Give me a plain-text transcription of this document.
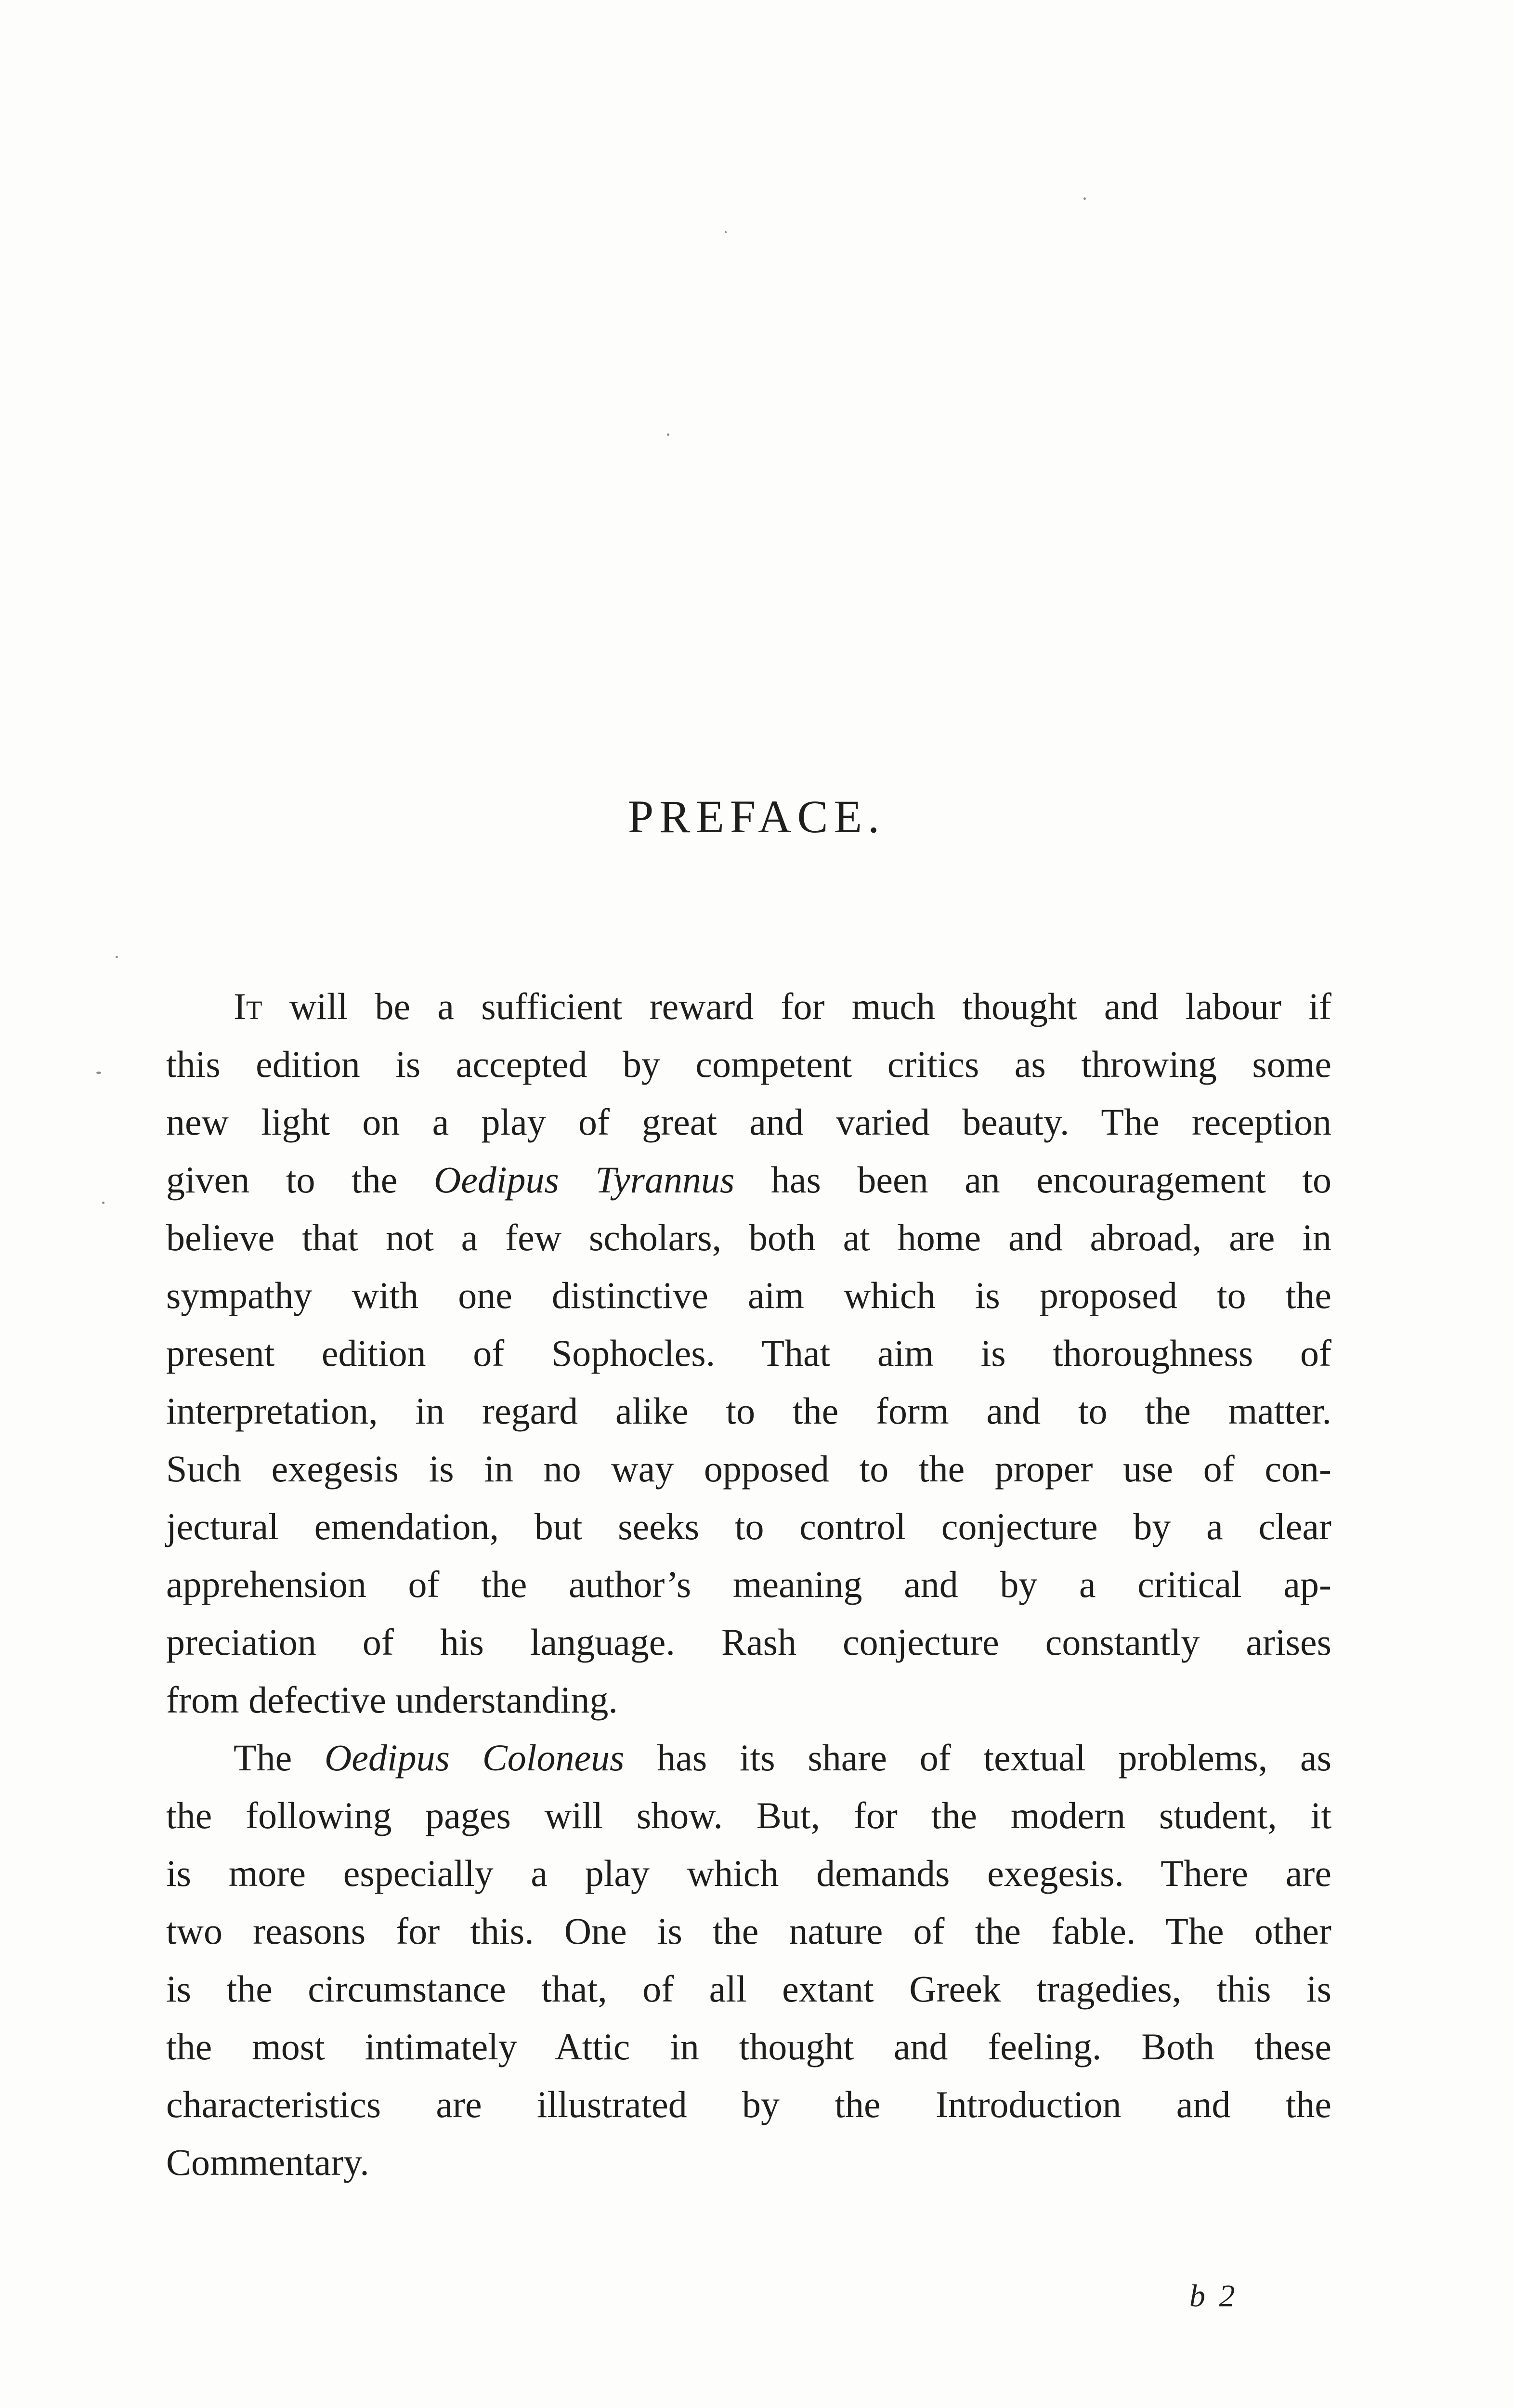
PREFACE.
It will be a sufficient reward for much thought and labour if
this edition is accepted by competent critics as throwing some
new light on a play of great and varied beauty. The reception
given to the Oedipus Tyrannus has been an encouragement to
believe that not a few scholars, both at home and abroad, are in
sympathy with one distinctive aim which is proposed to the
present edition of Sophocles. That aim is thoroughness of
interpretation, in regard alike to the form and to the matter.
Such exegesis is in no way opposed to the proper use of con-
jectural emendation, but seeks to control conjecture by a clear
apprehension of the author’s meaning and by a critical ap-
preciation of his language. Rash conjecture constantly arises
from defective understanding.
The Oedipus Coloneus has its share of textual problems, as
the following pages will show. But, for the modern student, it
is more especially a play which demands exegesis. There are
two reasons for this. One is the nature of the fable. The other
is the circumstance that, of all extant Greek tragedies, this is
the most intimately Attic in thought and feeling. Both these
characteristics are illustrated by the Introduction and the
Commentary.
b 2
